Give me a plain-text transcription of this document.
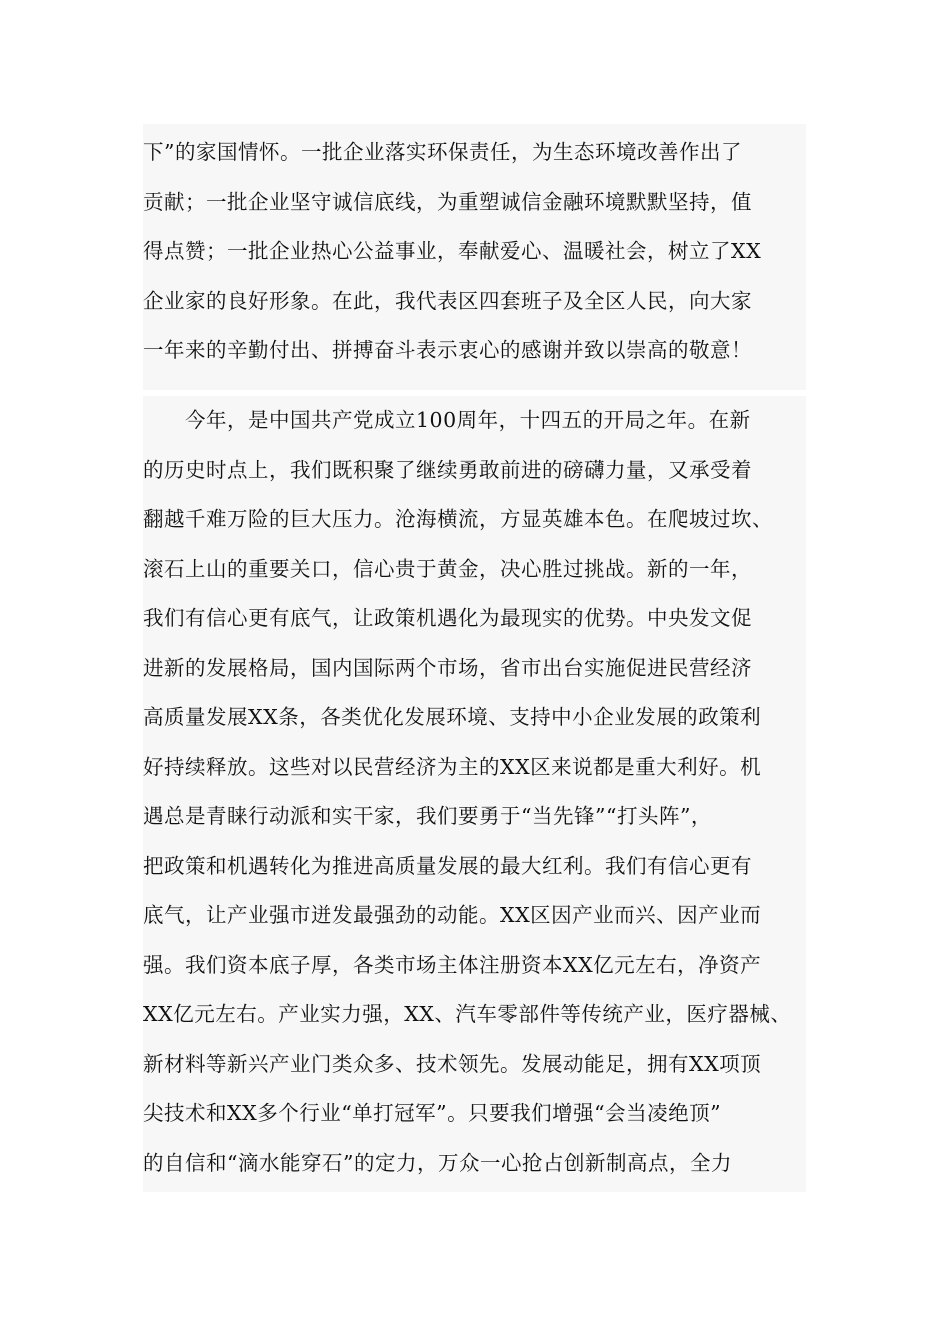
下”的家国情怀。一批企业落实环保责任，为生态环境改善作出了
贡献；一批企业坚守诚信底线，为重塑诚信金融环境默默坚持，值
得点赞；一批企业热心公益事业，奉献爱心、温暖社会，树立了XX
企业家的良好形象。在此，我代表区四套班子及全区人民，向大家
一年来的辛勤付出、拼搏奋斗表示衷心的感谢并致以崇高的敬意！
　　今年，是中国共产党成立100周年，十四五的开局之年。在新
的历史时点上，我们既积聚了继续勇敢前进的磅礴力量，又承受着
翻越千难万险的巨大压力。沧海横流，方显英雄本色。在爬坡过坎、
滚石上山的重要关口，信心贵于黄金，决心胜过挑战。新的一年，
我们有信心更有底气，让政策机遇化为最现实的优势。中央发文促
进新的发展格局，国内国际两个市场，省市出台实施促进民营经济
高质量发展XX条，各类优化发展环境、支持中小企业发展的政策利
好持续释放。这些对以民营经济为主的XX区来说都是重大利好。机
遇总是青睐行动派和实干家，我们要勇于“当先锋”“打头阵”，
把政策和机遇转化为推进高质量发展的最大红利。我们有信心更有
底气，让产业强市迸发最强劲的动能。XX区因产业而兴、因产业而
强。我们资本底子厚，各类市场主体注册资本XX亿元左右，净资产
XX亿元左右。产业实力强，XX、汽车零部件等传统产业，医疗器械、
新材料等新兴产业门类众多、技术领先。发展动能足，拥有XX项顶
尖技术和XX多个行业“单打冠军”。只要我们增强“会当凌绝顶”
的自信和“滴水能穿石”的定力，万众一心抢占创新制高点，全力
